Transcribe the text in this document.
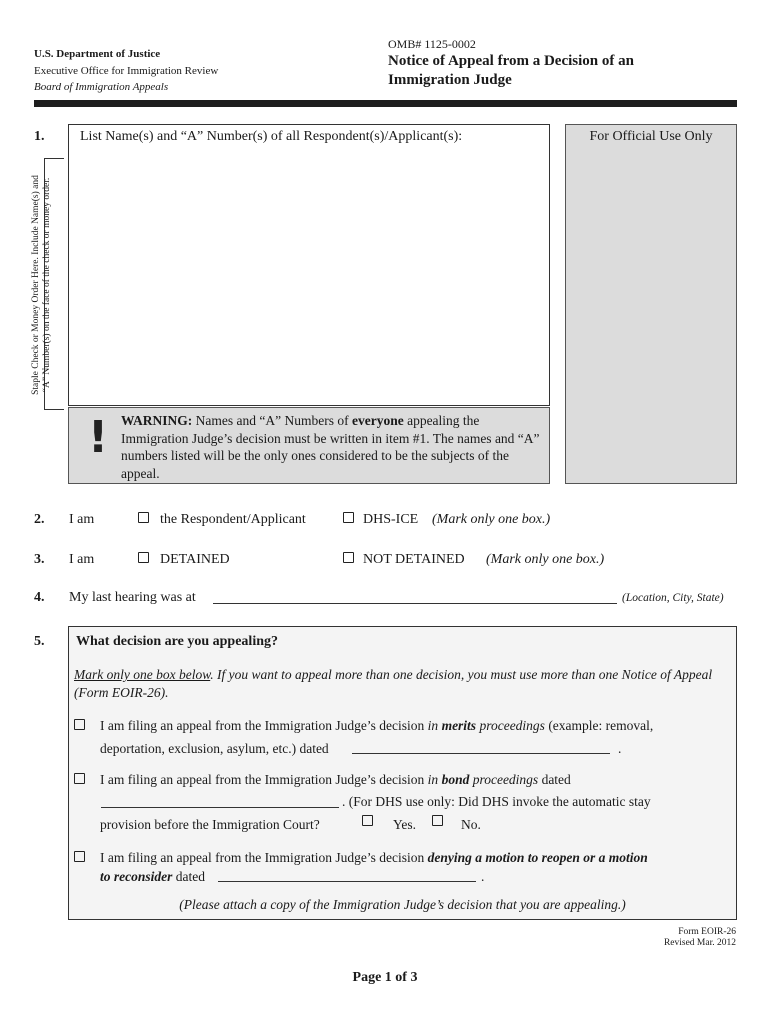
U.S. Department of Justice
Executive Office for Immigration Review
Board of Immigration Appeals
OMB# 1125-0002
Notice of Appeal from a Decision of an Immigration Judge
Staple Check or Money Order Here. Include Name(s) and “A” Number(s) on the face of the check or money order.
1.	List Name(s) and “A” Number(s) of all Respondent(s)/Applicant(s):	For Official Use Only
! WARNING: Names and “A” Numbers of everyone appealing the Immigration Judge’s decision must be written in item #1. The names and “A” numbers listed will be the only ones considered to be the subjects of the appeal.
2. I am	the Respondent/Applicant	DHS-ICE (Mark only one box.)
3. I am	DETAINED	NOT DETAINED (Mark only one box.)
4. My last hearing was at	(Location, City, State)
5. What decision are you appealing?
Mark only one box below. If you want to appeal more than one decision, you must use more than one Notice of Appeal (Form EOIR-26).
I am filing an appeal from the Immigration Judge’s decision in merits proceedings (example: removal,
deportation, exclusion, asylum, etc.) dated	.
I am filing an appeal from the Immigration Judge’s decision in bond proceedings dated
. (For DHS use only: Did DHS invoke the automatic stay
provision before the Immigration Court?	Yes.	No.
I am filing an appeal from the Immigration Judge’s decision denying a motion to reopen or a motion
to reconsider dated	.
(Please attach a copy of the Immigration Judge’s decision that you are appealing.)
Form EOIR-26
Revised Mar. 2012
Page 1 of 3
